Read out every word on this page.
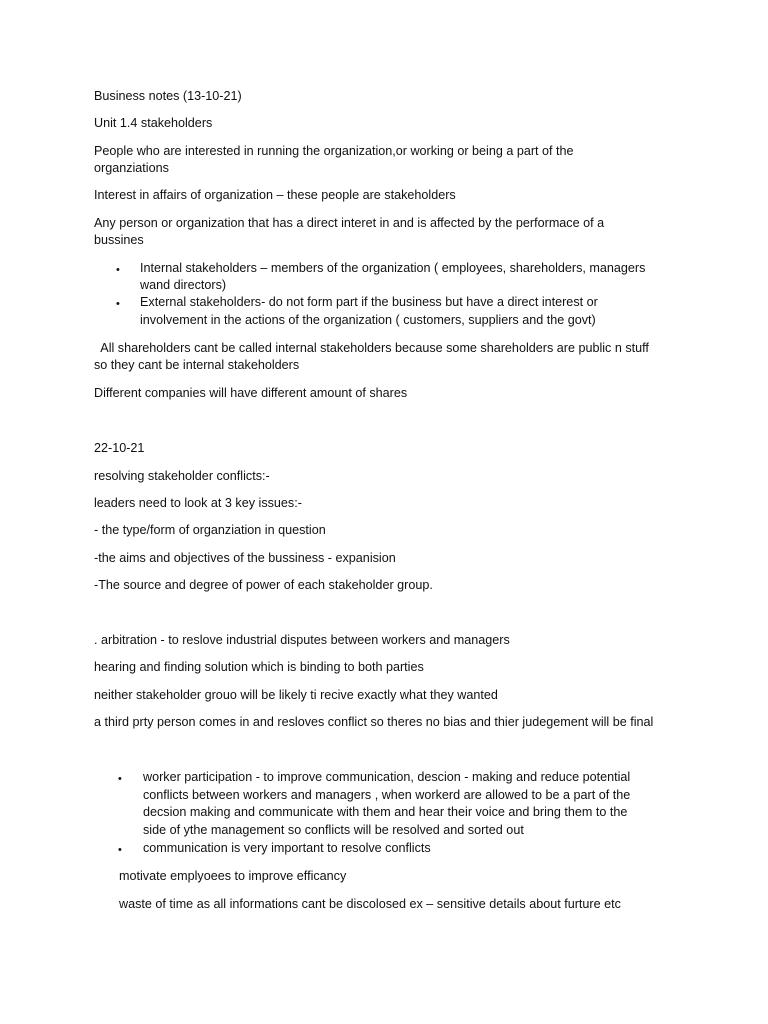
Business notes (13-10-21)
Unit 1.4 stakeholders
People who are interested in running the organization,or working or being a part of the
organziations
Interest in affairs of organization – these people are stakeholders
Any person or organization that has a direct interet in and is affected by the performace of a
bussines
• Internal stakeholders – members of the organization ( employees, shareholders, managers
wand directors)
• External stakeholders- do not form part if the business but have a direct interest or
involvement in the actions of the organization ( customers, suppliers and the govt)
All shareholders cant be called internal stakeholders because some shareholders are public n stuff
so they cant be internal stakeholders
Different companies will have different amount of shares
22-10-21
resolving stakeholder conflicts:-
leaders need to look at 3 key issues:-
- the type/form of organziation in question
-the aims and objectives of the bussiness - expanision
-The source and degree of power of each stakeholder group.
. arbitration - to reslove industrial disputes between workers and managers
hearing and finding solution which is binding to both parties
neither stakeholder grouo will be likely ti recive exactly what they wanted
a third prty person comes in and resloves conflict so theres no bias and thier judegement will be final
• worker participation - to improve communication, descion - making and reduce potential
conflicts between workers and managers , when workerd are allowed to be a part of the
decsion making and communicate with them and hear their voice and bring them to the
side of ythe management so conflicts will be resolved and sorted out
• communication is very important to resolve conflicts
motivate emplyoees to improve efficancy
waste of time as all informations cant be discolosed ex – sensitive details about furture etc
